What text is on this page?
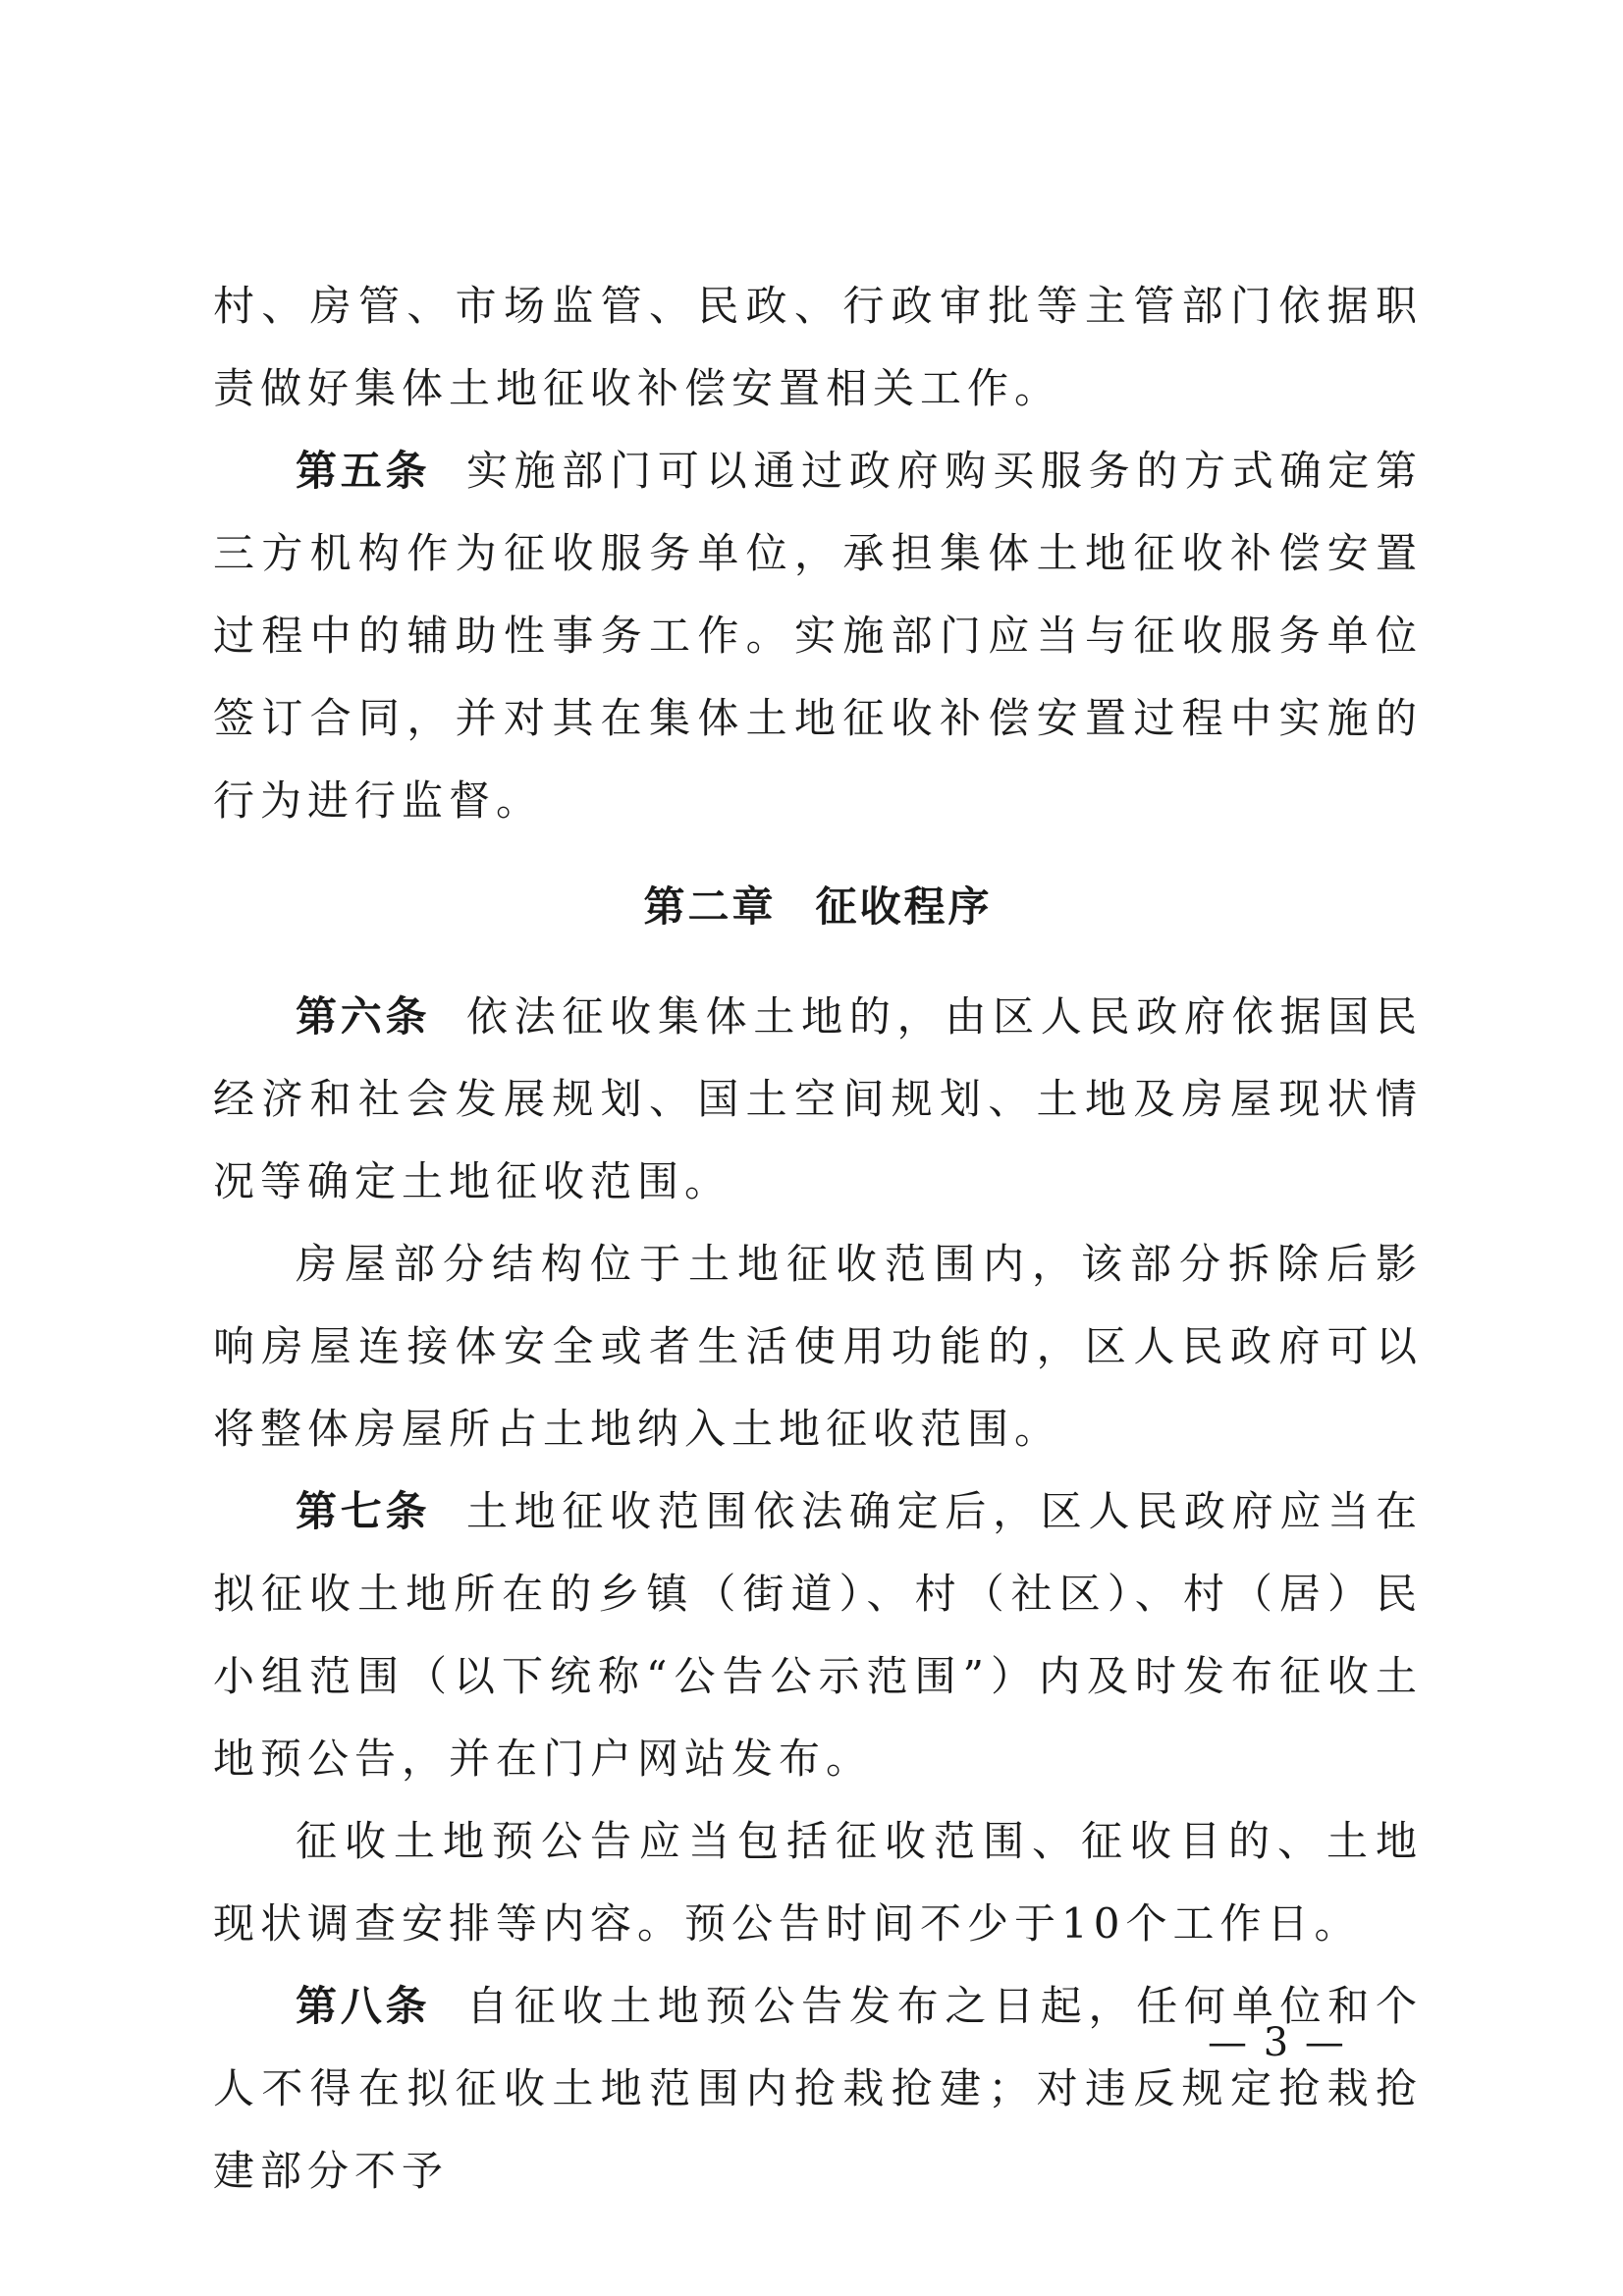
村、房管、市场监管、民政、行政审批等主管部门依据职责做好集体土地征收补偿安置相关工作。

第五条 实施部门可以通过政府购买服务的方式确定第三方机构作为征收服务单位，承担集体土地征收补偿安置过程中的辅助性事务工作。实施部门应当与征收服务单位签订合同，并对其在集体土地征收补偿安置过程中实施的行为进行监督。

第二章 征收程序

第六条 依法征收集体土地的，由区人民政府依据国民经济和社会发展规划、国土空间规划、土地及房屋现状情况等确定土地征收范围。

房屋部分结构位于土地征收范围内，该部分拆除后影响房屋连接体安全或者生活使用功能的，区人民政府可以将整体房屋所占土地纳入土地征收范围。

第七条 土地征收范围依法确定后，区人民政府应当在拟征收土地所在的乡镇（街道）、村（社区）、村（居）民小组范围（以下统称“公告公示范围”）内及时发布征收土地预公告，并在门户网站发布。

征收土地预公告应当包括征收范围、征收目的、土地现状调查安排等内容。预公告时间不少于10个工作日。

第八条 自征收土地预公告发布之日起，任何单位和个人不得在拟征收土地范围内抢栽抢建；对违反规定抢栽抢建部分不予

— 3 —
